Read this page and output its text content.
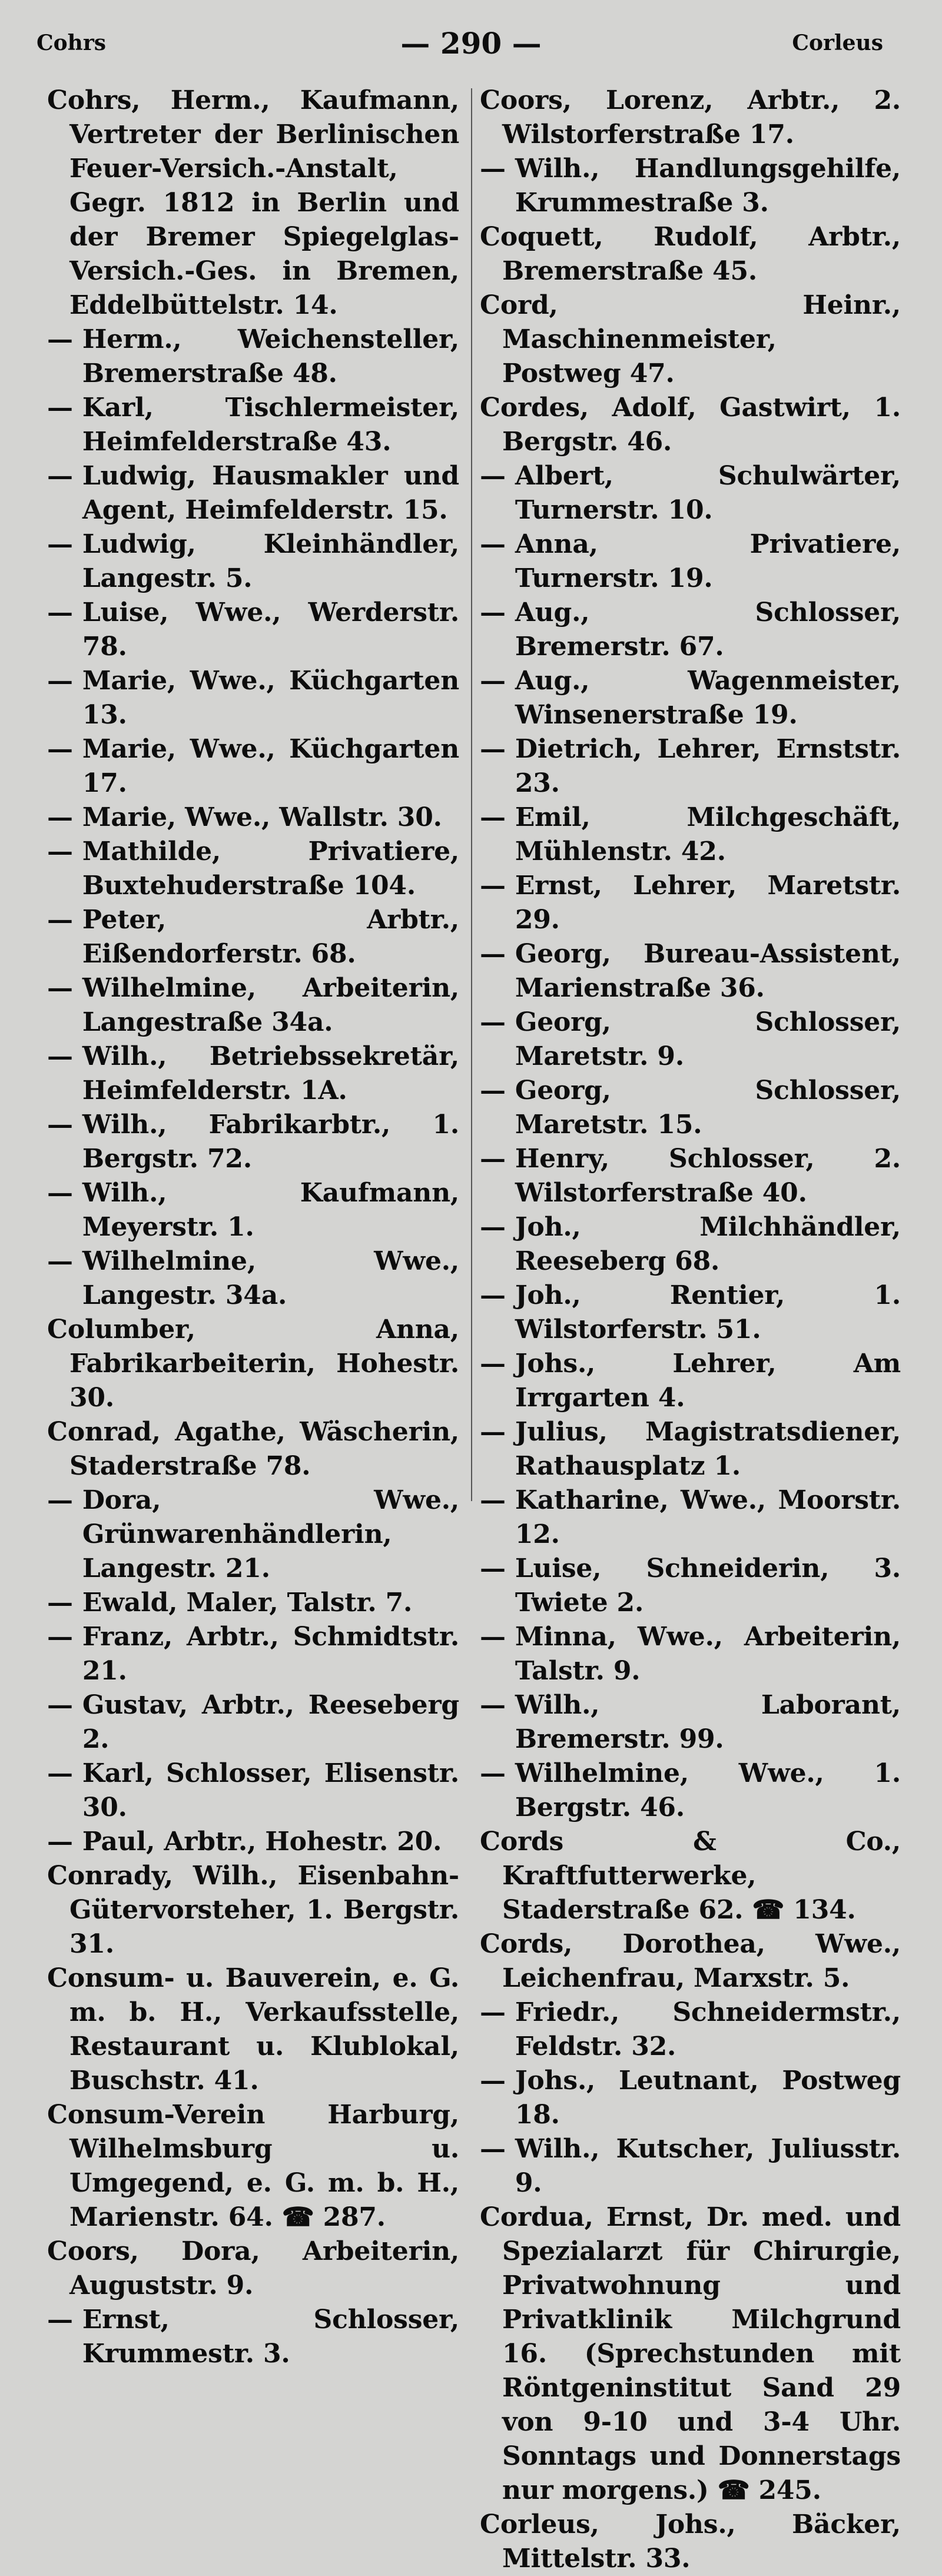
Cohrs	— 290 —	Corleus
Cohrs, Herm., Kaufmann, Vertreter der Berlinischen Feuer-Versich.-Anstalt, Gegr. 1812 in Berlin und der Bremer Spiegelglas-Versich.-Ges. in Bremen, Eddelbüttelstr. 14.
— Herm., Weichensteller, Bremerstraße 48.
— Karl, Tischlermeister, Heimfelderstraße 43.
— Ludwig, Hausmakler und Agent, Heimfelderstr. 15.
— Ludwig, Kleinhändler, Langestr. 5.
— Luise, Wwe., Werderstr. 78.
— Marie, Wwe., Küchgarten 13.
— Marie, Wwe., Küchgarten 17.
— Marie, Wwe., Wallstr. 30.
— Mathilde, Privatiere, Buxtehuderstraße 104.
— Peter, Arbtr., Eißendorferstr. 68.
— Wilhelmine, Arbeiterin, Langestraße 34a.
— Wilh., Betriebssekretär, Heimfelderstr. 1A.
— Wilh., Fabrikarbtr., 1. Bergstr. 72.
— Wilh., Kaufmann, Meyerstr. 1.
— Wilhelmine, Wwe., Langestr. 34a.
Columber, Anna, Fabrikarbeiterin, Hohestr. 30.
Conrad, Agathe, Wäscherin, Staderstraße 78.
— Dora, Wwe., Grünwarenhändlerin, Langestr. 21.
— Ewald, Maler, Talstr. 7.
— Franz, Arbtr., Schmidtstr. 21.
— Gustav, Arbtr., Reeseberg 2.
— Karl, Schlosser, Elisenstr. 30.
— Paul, Arbtr., Hohestr. 20.
Conrady, Wilh., Eisenbahn-Gütervorsteher, 1. Bergstr. 31.
Consum- u. Bauverein, e. G. m. b. H., Verkaufsstelle, Restaurant u. Klublokal, Buschstr. 41.
Consum-Verein Harburg, Wilhelmsburg u. Umgegend, e. G. m. b. H., Marienstr. 64. ☎ 287.
Coors, Dora, Arbeiterin, Auguststr. 9.
— Ernst, Schlosser, Krummestr. 3.
Coors, Lorenz, Arbtr., 2. Wilstorferstraße 17.
— Wilh., Handlungsgehilfe, Krummestraße 3.
Coquett, Rudolf, Arbtr., Bremerstraße 45.
Cord, Heinr., Maschinenmeister, Postweg 47.
Cordes, Adolf, Gastwirt, 1. Bergstr. 46.
— Albert, Schulwärter, Turnerstr. 10.
— Anna, Privatiere, Turnerstr. 19.
— Aug., Schlosser, Bremerstr. 67.
— Aug., Wagenmeister, Winsenerstraße 19.
— Dietrich, Lehrer, Ernststr. 23.
— Emil, Milchgeschäft, Mühlenstr. 42.
— Ernst, Lehrer, Maretstr. 29.
— Georg, Bureau-Assistent, Marienstraße 36.
— Georg, Schlosser, Maretstr. 9.
— Georg, Schlosser, Maretstr. 15.
— Henry, Schlosser, 2. Wilstorferstraße 40.
— Joh., Milchhändler, Reeseberg 68.
— Joh., Rentier, 1. Wilstorferstr. 51.
— Johs., Lehrer, Am Irrgarten 4.
— Julius, Magistratsdiener, Rathausplatz 1.
— Katharine, Wwe., Moorstr. 12.
— Luise, Schneiderin, 3. Twiete 2.
— Minna, Wwe., Arbeiterin, Talstr. 9.
— Wilh., Laborant, Bremerstr. 99.
— Wilhelmine, Wwe., 1. Bergstr. 46.
Cords & Co., Kraftfutterwerke, Staderstraße 62. ☎ 134.
Cords, Dorothea, Wwe., Leichenfrau, Marxstr. 5.
— Friedr., Schneidermstr., Feldstr. 32.
— Johs., Leutnant, Postweg 18.
— Wilh., Kutscher, Juliusstr. 9.
Cordua, Ernst, Dr. med. und Spezialarzt für Chirurgie, Privatwohnung und Privatklinik Milchgrund 16. (Sprechstunden mit Röntgeninstitut Sand 29 von 9-10 und 3-4 Uhr. Sonntags und Donnerstags nur morgens.) ☎ 245.
Corleus, Johs., Bäcker, Mittelstr. 33.
